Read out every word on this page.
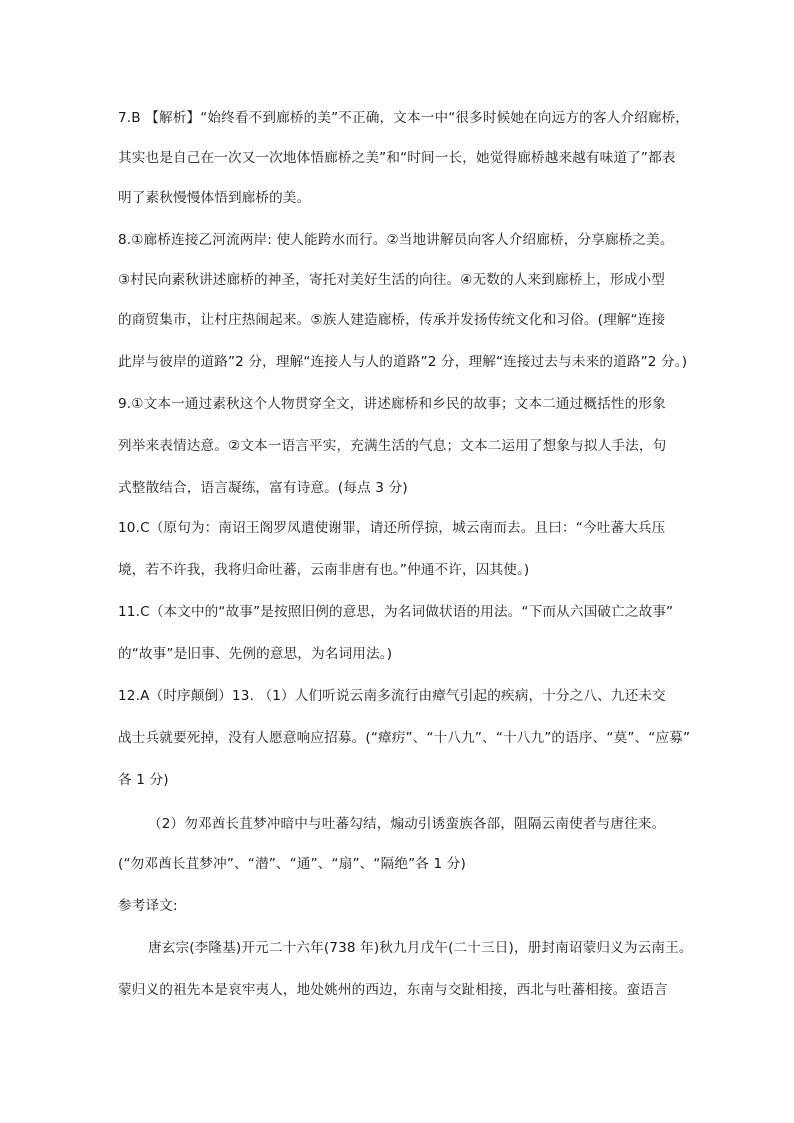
7.B 【解析】“始终看不到廊桥的美”不正确，文本一中“很多时候她在向远方的客人介绍廊桥，
其实也是自己在一次又一次地体悟廊桥之美”和“时间一长，她觉得廊桥越来越有味道了”都表
明了素秋慢慢体悟到廊桥的美。
8.①廊桥连接乙河流两岸: 使人能跨水而行。②当地讲解员向客人介绍廊桥，分享廊桥之美。
③村民向素秋讲述廊桥的神圣，寄托对美好生活的向往。④无数的人来到廊桥上，形成小型
的商贸集市，让村庄热闹起来。⑤族人建造廊桥，传承并发扬传统文化和习俗。(理解“连接
此岸与彼岸的道路”2 分，理解“连接人与人的道路”2 分，理解“连接过去与未来的道路”2 分。)
9.①文本一通过素秋这个人物贯穿全文，讲述廊桥和乡民的故事；文本二通过概括性的形象
列举来表情达意。②文本一语言平实，充满生活的气息；文本二运用了想象与拟人手法，句
式整散结合，语言凝练，富有诗意。(每点 3 分)
10.C（原句为：南诏王阁罗凤遣使谢罪，请还所俘掠，城云南而去。且曰：“今吐蕃大兵压
境，若不许我，我将归命吐蕃，云南非唐有也。”仲通不许，囚其使。)
11.C（本文中的“故事”是按照旧例的意思，为名词做状语的用法。“下而从六国破亡之故事”
的“故事”是旧事、先例的意思，为名词用法。)
12.A（时序颠倒）13. （1）人们听说云南多流行由瘴气引起的疾病，十分之八、九还未交
战士兵就要死掉，没有人愿意响应招募。(“瘴疠”、“十八九”、“十八九”的语序、“莫”、“应募”
各 1 分)
（2）勿邓酋长苴梦冲暗中与吐蕃勾结，煽动引诱蛮族各部，阻隔云南使者与唐往来。
(“勿邓酋长苴梦冲”、“潜”、“通”、“扇”、“隔绝”各 1 分)
参考译文:
唐玄宗(李隆基)开元二十六年(738 年)秋九月戊午(二十三日)，册封南诏蒙归义为云南王。
蒙归义的祖先本是哀牢夷人，地处姚州的西边，东南与交趾相接，西北与吐蕃相接。蛮语言
